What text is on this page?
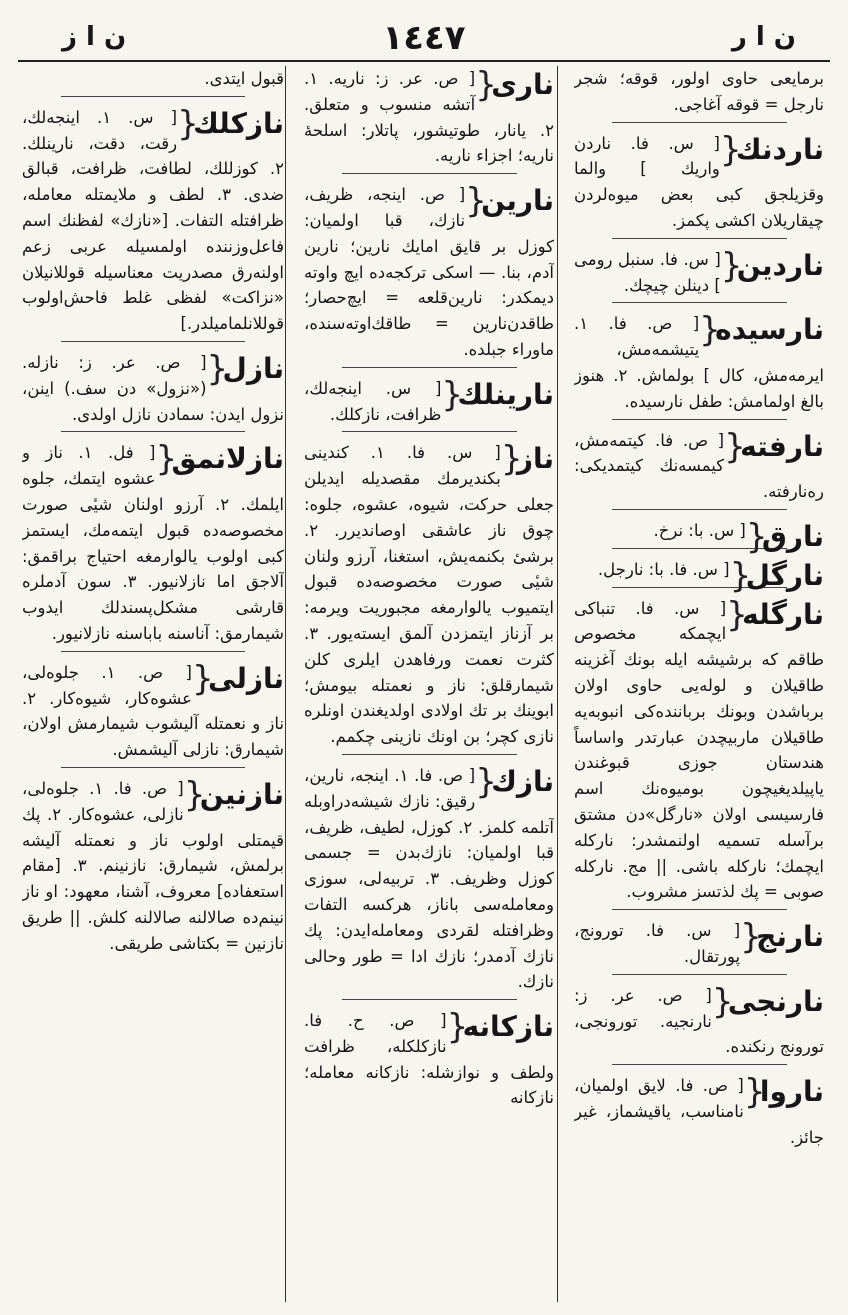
ن ا ر
١٤٤٧
ن ا ز
برمایعی حاوی اولور، قوقه؛ شجر نارجل = قوقه آغاجی.
ناردنك {
[ س. فا. ناردن واریك ] والما وقزیلجق کبی بعض میوه‌لردن چیقاریلان اکشی پکمز.
ناردین {
[ س. فا. سنبل رومی ] دینلن چیچك.
نارسیده {
[ ص. فا. ١. یتیشمه‌مش، ایرمه‌مش، کال ] بولماش. ٢. هنوز بالغ اولما‌مش: طفل نارسیده.
نارفته {
[ ص. فا. کیتمه‌مش، کیمسه‌نك کیتمدیکی: ره‌نارفته.
نارق {
[ س. با: نرخ.
نارگل {
[ س. فا. با: نارجل.
نارگله {
[ س. فا. تنباکی ایچمکه مخصوص طاقم که برشیشه ایله بونك آغزینه طاقیلان و لوله‌یی حاوی اولان برباشدن وبونك برباننده‌کی انبوبه‌یه طاقیلان ماربیچدن عبارتدر واساساً هندستان جوزی قبوغندن یاپیلدیغیچون بومیوه‌نك اسم فارسیسی اولان «نارگل»دن مشتق برآسله تسمیه اولنمشدر: نارکله ایچمك؛ نارکله باشی. || مج. نارکله صوبی = پك لذتسز مشروب.
نارنج {
[ س. فا. تورونج، پورتقال.
نارنجی {
[ ص. عر. ز: نارنجیه. تورونجی، تورونج رنکنده.
ناروا {
[ ص. فا. لایق اولمیان، نامناسب، یاقیشماز، غیر جائز.
ناری {
[ ص. عر. ز: ناریه. ١. آتشه منسوب و متعلق. ٢. یانار، طوتیشور، پاتلار: اسلحهٔ ناریه؛ اجزاء ناریه.
نارین {
[ ص. اینجه، ظریف، نازك، قبا اولمیان: کوزل بر قایق امایك نارین؛ نارین آدم، بنا. — اسکی ترکجه‌ده ایچ واوته دیمکدر: نارین‌قلعه = ایچ‌حصار؛ طاقدن‌نارین = طاقك‌اوته‌سنده، ماوراء جبلده.
نارینلك {
[ س. اینجه‌لك، ظرافت، نازکلك.
ناز {
[ س. فا. ١. کندینی بکندیرمك مقصدیله ایدیلن جعلی حرکت، شیوه، عشوه، جلوه: چوق ناز عاشقی اوصاندیرر. ٢. برشیٔ بکنمه‌یش، استغنا، آرزو ولنان شیٔی صورت مخصوصه‌ده قبول ایتمیوب یالوارمغه مجبوریت ویرمه: بر آزناز ایتمزدن آلمق ایسته‌یور. ٣. کثرت نعمت ورفاهدن ایلری کلن شیمارقلق: ناز و نعمتله بیومش؛ ابوینك بر تك اولادی اولدیغندن اونلره نازی‌ کچر؛ بن اونك نازینی چکمم.
نازك {
[ ص. فا. ١. اینجه، نارین، رقیق: نازك شیشه‌دراوبله آتلمه کلمز. ٢. کوزل، لطیف، ظریف، قبا اولمیان: نازك‌بدن = جسمی کوزل وظریف. ٣. تربیه‌لی، سوزی ومعامله‌سی باناز، هرکسه التفات وظرافتله لقردی ومعامله‌ایدن: پك نازك آدمدر؛ نازك ادا = طور وحالی نازك.
نازکانه {
[ ص. ح. فا. نازکلکله، ظرافت ولطف و نوازشله: نازکانه معامله؛ نازکانه
قبول ایتدی.
نازکلك {
[ س. ١. اینجه‌لك، رقت، دقت، نارینلك. ٢. کوزللك، لطافت، ظرافت، قبالق ضدی. ٣. لطف و ملایمتله معامله، ظرافتله التفات. [«نازك» لفظنك اسم فاعل‌وزننده اولمسیله عربی زعم اولنه‌رق مصدریت معناسیله قوللانیلان «نزاکت» لفظی غلط فاحش‌اولوب قوللانلمامیلدر.]
نازل {
[ ص. عر. ز: نازله. («نزول» دن سف.) اینن، نزول ایدن: سمادن نازل اولدی.
نازلانمق {
[ فل. ١. ناز و عشوه ایتمك، جلوه ایلمك. ٢. آرزو اولنان شیٔی صورت مخصوصه‌ده قبول ایتمه‌مك، ایستمز کبی اولوب یالوارمغه احتیاج براقمق: آلاجق اما نازلانیور. ٣. سون آدملره قارشی مشکل‌پسندلك ایدوب شیمارمق: آناسنه باباسنه نازلانیور.
نازلی {
[ ص. ١. جلوه‌لی، عشوه‌کار، شیوه‌کار. ٢. ناز و نعمتله آلیشوب شیمارمش اولان، شیمارق: نازلی آلیشمش.
نازنین {
[ ص. فا. ١. جلوه‌لی، نازلی، عشوه‌کار. ٢. پك قیمتلی اولوب ناز و نعمتله آلیشه‌ برلمش، شیمارق: نازنینم. ٣. [مقام استعفاده] معروف، آشنا، معهود: او ناز نینم‌ده صالالنه صالالنه کلش. || طریق نازنین = بکتاشی طریقی.
